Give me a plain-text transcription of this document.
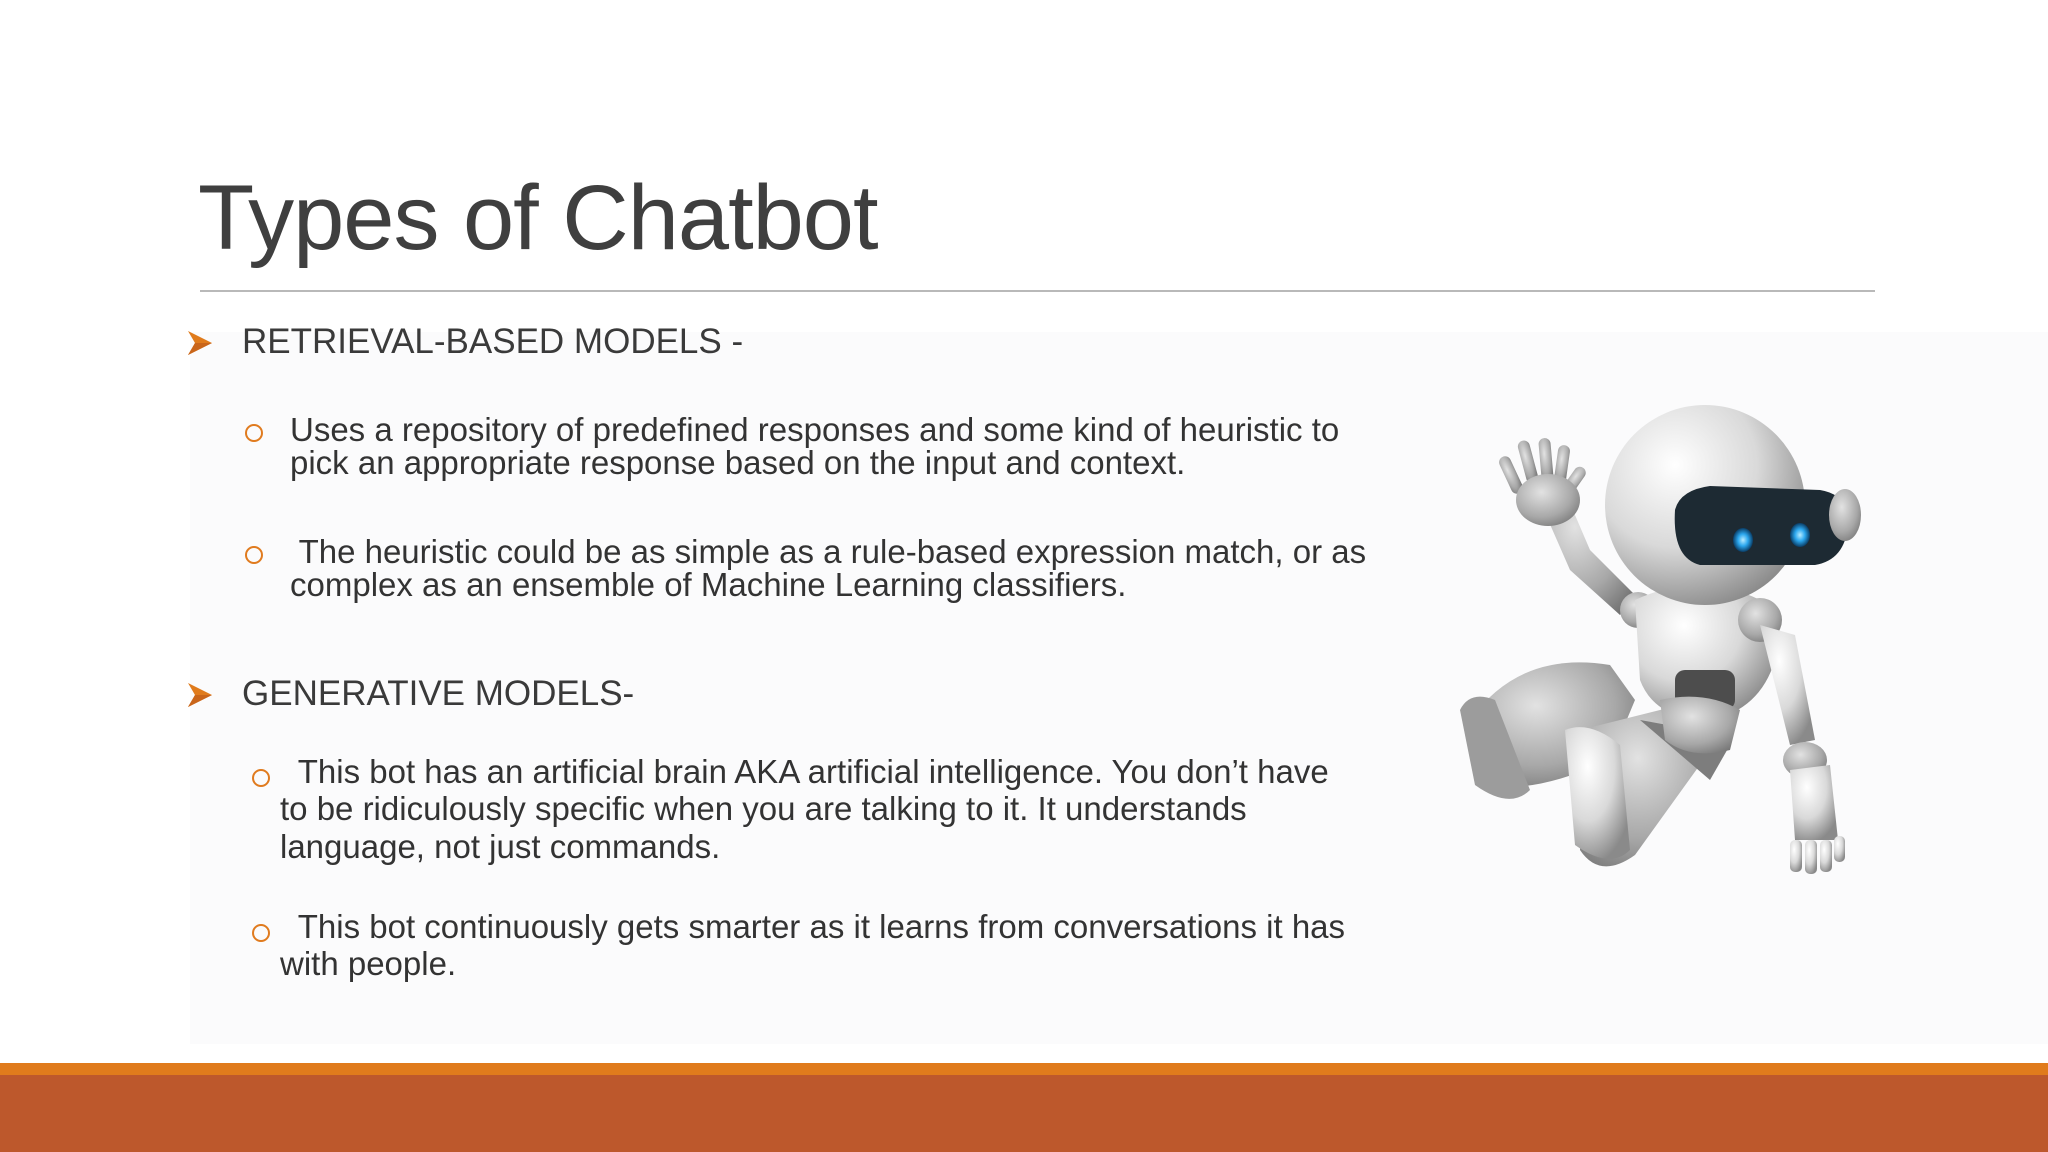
Types of Chatbot
RETRIEVAL-BASED MODELS -
Uses a repository of predefined responses and some kind of heuristic to
pick an appropriate response based on the input and context.
The heuristic could be as simple as a rule-based expression match, or as
complex as an ensemble of Machine Learning classifiers.
GENERATIVE MODELS-
This bot has an artificial brain AKA artificial intelligence. You don’t have
to be ridiculously specific when you are talking to it. It understands
language, not just commands.
This bot continuously gets smarter as it learns from conversations it has
with people.
